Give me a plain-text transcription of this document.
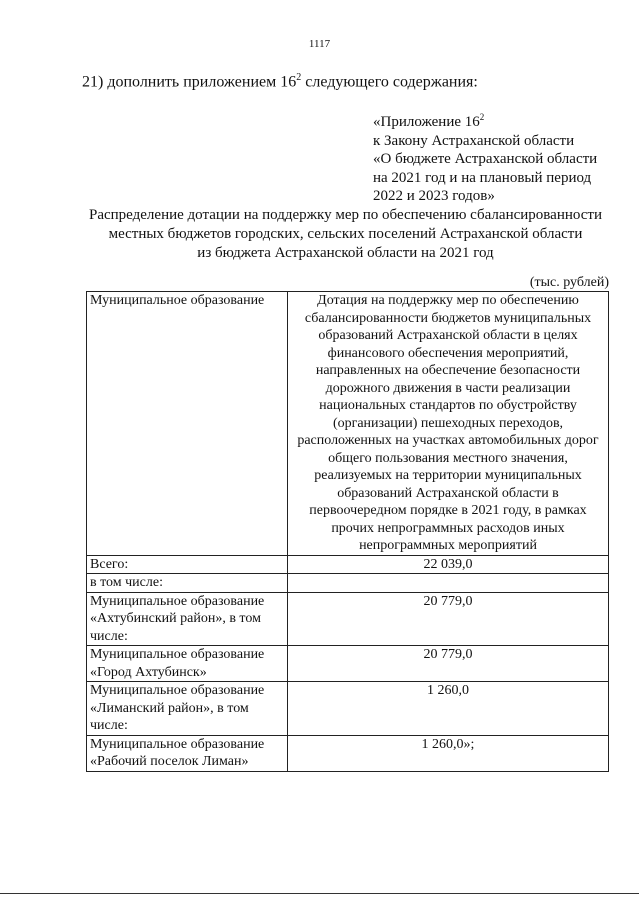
1117
21) дополнить приложением $16^2$ следующего содержания:
«Приложение $16^2$
к Закону Астраханской области
«О бюджете Астраханской области
на 2021 год и на плановый период
2022 и 2023 годов»
Распределение дотации на поддержку мер по обеспечению сбалансированности
местных бюджетов городских, сельских поселений Астраханской области
из бюджета Астраханской области на 2021 год
(тыс. рублей)
Муниципальное образование	Дотация на поддержку мер по обеспечению сбалансированности бюджетов муниципальных образований Астраханской области в целях финансового обеспечения мероприятий, направленных на обеспечение безопасности дорожного движения в части реализации национальных стандартов по обустройству (организации) пешеходных переходов, расположенных на участках автомобильных дорог общего пользования местного значения, реализуемых на территории муниципальных образований Астраханской области в первоочередном порядке в 2021 году, в рамках прочих непрограммных расходов иных непрограммных мероприятий
Всего:	22 039,0
в том числе:	
Муниципальное образование «Ахтубинский район», в том числе:	20 779,0
Муниципальное образование «Город Ахтубинск»	20 779,0
Муниципальное образование «Лиманский район», в том числе:	1 260,0
Муниципальное образование «Рабочий поселок Лиман»	1 260,0»;
